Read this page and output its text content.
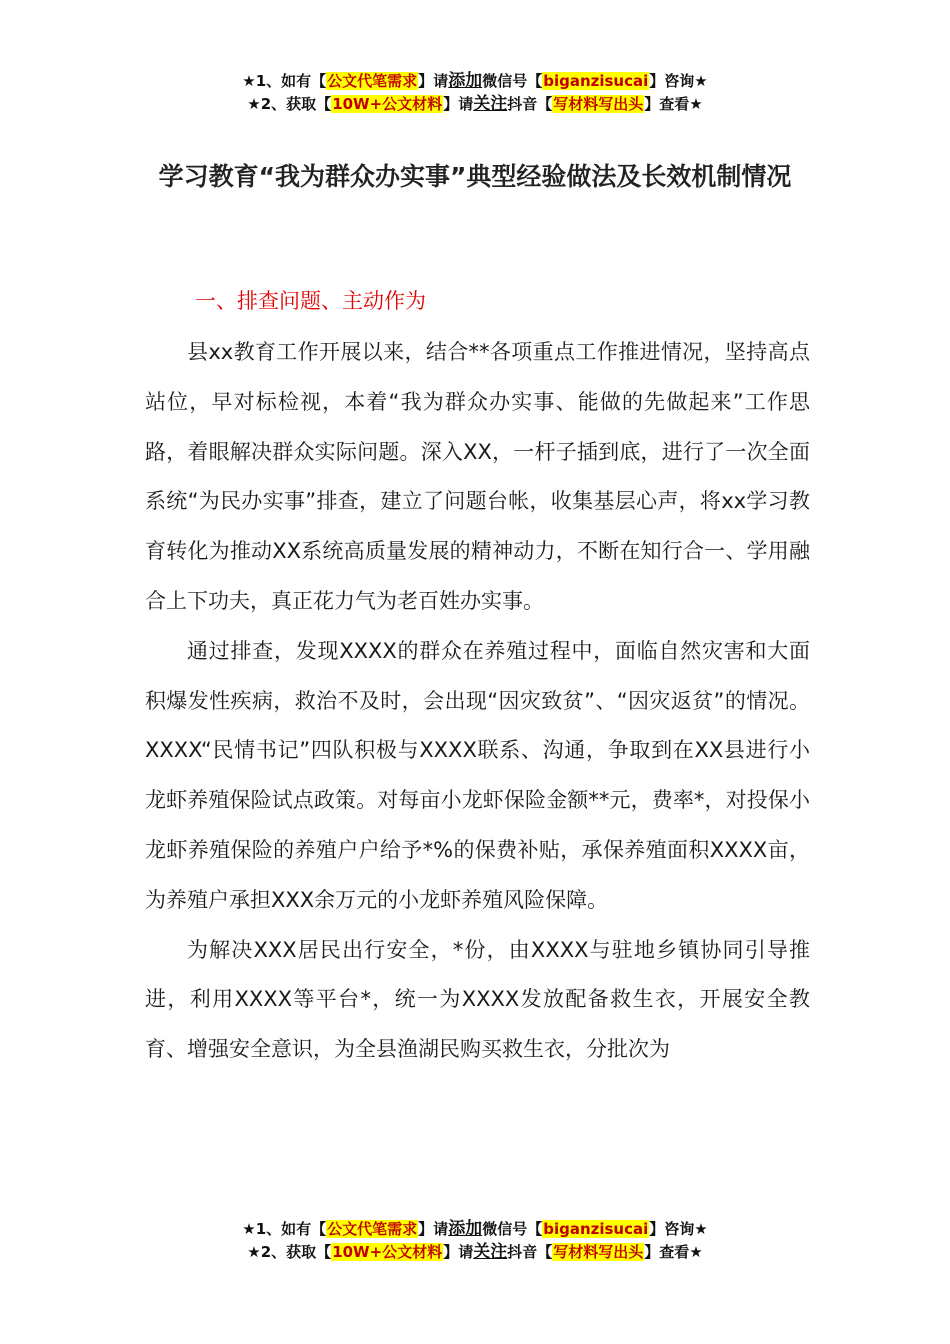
★1、如有【公文代笔需求】请添加微信号【biganzisucai】咨询★
★2、获取【10W+公文材料】请关注抖音【写材料写出头】查看★
学习教育“我为群众办实事”典型经验做法及长效机制情况
一、排查问题、主动作为

县xx教育工作开展以来，结合**各项重点工作推进情况，坚持高点站位，早对标检视，本着“我为群众办实事、能做的先做起来”工作思路，着眼解决群众实际问题。深入XX，一杆子插到底，进行了一次全面系统“为民办实事”排查，建立了问题台帐，收集基层心声，将xx学习教育转化为推动XX系统高质量发展的精神动力，不断在知行合一、学用融合上下功夫，真正花力气为老百姓办实事。

通过排查，发现XXXX的群众在养殖过程中，面临自然灾害和大面积爆发性疾病，救治不及时，会出现“因灾致贫”、“因灾返贫”的情况。XXXX“民情书记”四队积极与XXXX联系、沟通，争取到在XX县进行小龙虾养殖保险试点政策。对每亩小龙虾保险金额**元，费率*，对投保小龙虾养殖保险的养殖户户给予*%的保费补贴，承保养殖面积XXXX亩，为养殖户承担XXX余万元的小龙虾养殖风险保障。

为解决XXX居民出行安全，*份，由XXXX与驻地乡镇协同引导推进，利用XXXX等平台*，统一为XXXX发放配备救生衣，开展安全教育、增强安全意识，为全县渔湖民购买救生衣，分批次为

★1、如有【公文代笔需求】请添加微信号【biganzisucai】咨询★
★2、获取【10W+公文材料】请关注抖音【写材料写出头】查看★
